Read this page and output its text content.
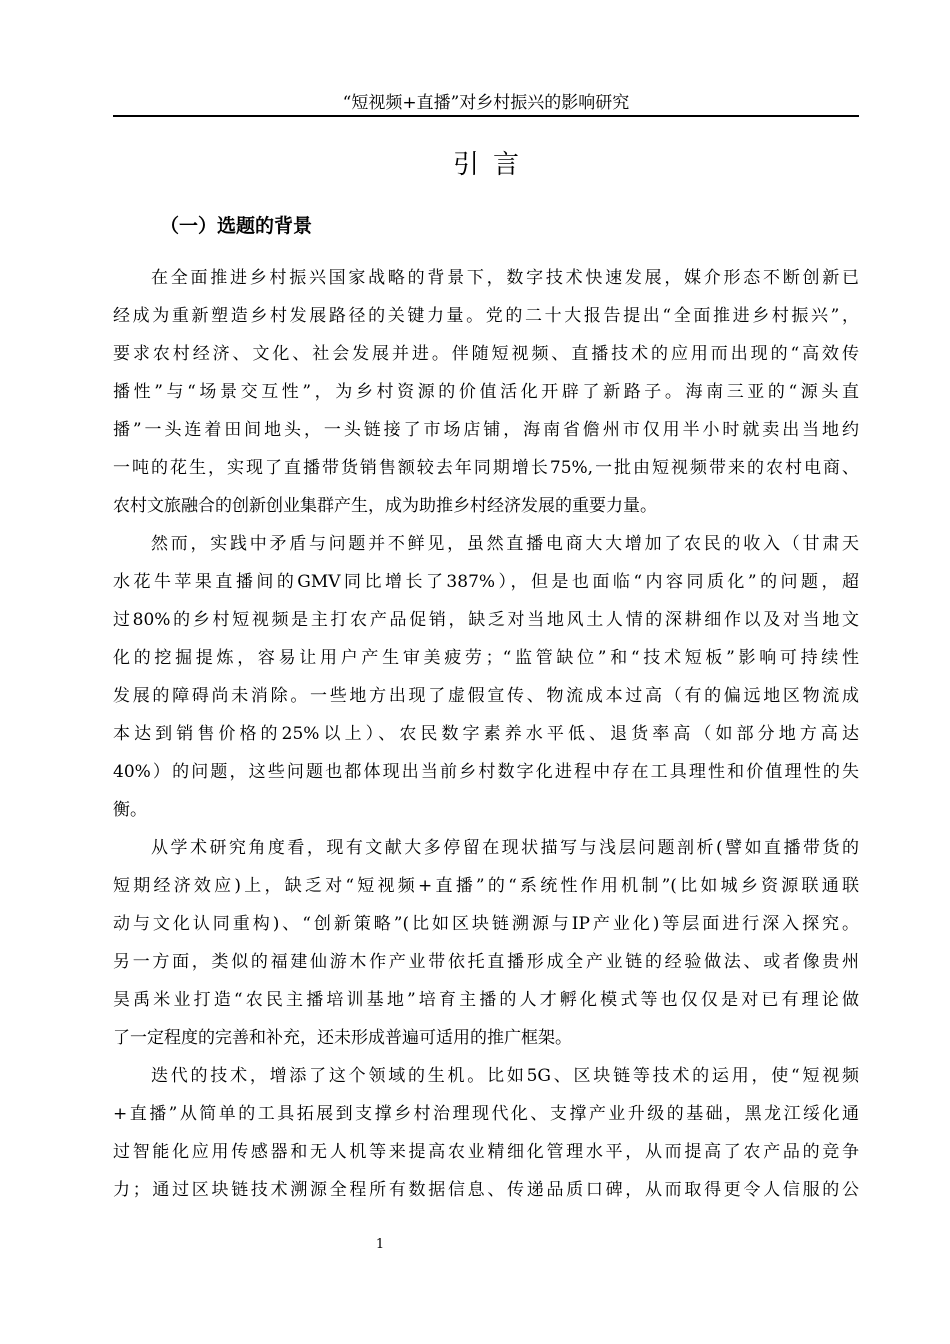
“短视频+直播”对乡村振兴的影响研究
引言
（一）选题的背景
在全面推进乡村振兴国家战略的背景下，数字技术快速发展，媒介形态不断创新已
经成为重新塑造乡村发展路径的关键力量。党的二十大报告提出“全面推进乡村振兴”，
要求农村经济、文化、社会发展并进。伴随短视频、直播技术的应用而出现的“高效传
播性”与“场景交互性”，为乡村资源的价值活化开辟了新路子。海南三亚的“源头直
播”一头连着田间地头，一头链接了市场店铺，海南省儋州市仅用半小时就卖出当地约
一吨的花生，实现了直播带货销售额较去年同期增长75%,一批由短视频带来的农村电商、
农村文旅融合的创新创业集群产生，成为助推乡村经济发展的重要力量。
然而，实践中矛盾与问题并不鲜见，虽然直播电商大大增加了农民的收入（甘肃天
水花牛苹果直播间的GMV同比增长了387%），但是也面临“内容同质化”的问题，超
过80%的乡村短视频是主打农产品促销，缺乏对当地风土人情的深耕细作以及对当地文
化的挖掘提炼，容易让用户产生审美疲劳；“监管缺位”和“技术短板”影响可持续性
发展的障碍尚未消除。一些地方出现了虚假宣传、物流成本过高（有的偏远地区物流成
本达到销售价格的25%以上）、农民数字素养水平低、退货率高（如部分地方高达
40%）的问题，这些问题也都体现出当前乡村数字化进程中存在工具理性和价值理性的失
衡。
从学术研究角度看，现有文献大多停留在现状描写与浅层问题剖析(譬如直播带货的
短期经济效应)上，缺乏对“短视频+直播”的“系统性作用机制”(比如城乡资源联通联
动与文化认同重构)、“创新策略”(比如区块链溯源与IP产业化)等层面进行深入探究。
另一方面，类似的福建仙游木作产业带依托直播形成全产业链的经验做法、或者像贵州
昊禹米业打造“农民主播培训基地”培育主播的人才孵化模式等也仅仅是对已有理论做
了一定程度的完善和补充，还未形成普遍可适用的推广框架。
迭代的技术，增添了这个领域的生机。比如5G、区块链等技术的运用，使“短视频
+直播”从简单的工具拓展到支撑乡村治理现代化、支撑产业升级的基础，黑龙江绥化通
过智能化应用传感器和无人机等来提高农业精细化管理水平，从而提高了农产品的竞争
力；通过区块链技术溯源全程所有数据信息、传递品质口碑，从而取得更令人信服的公
1
